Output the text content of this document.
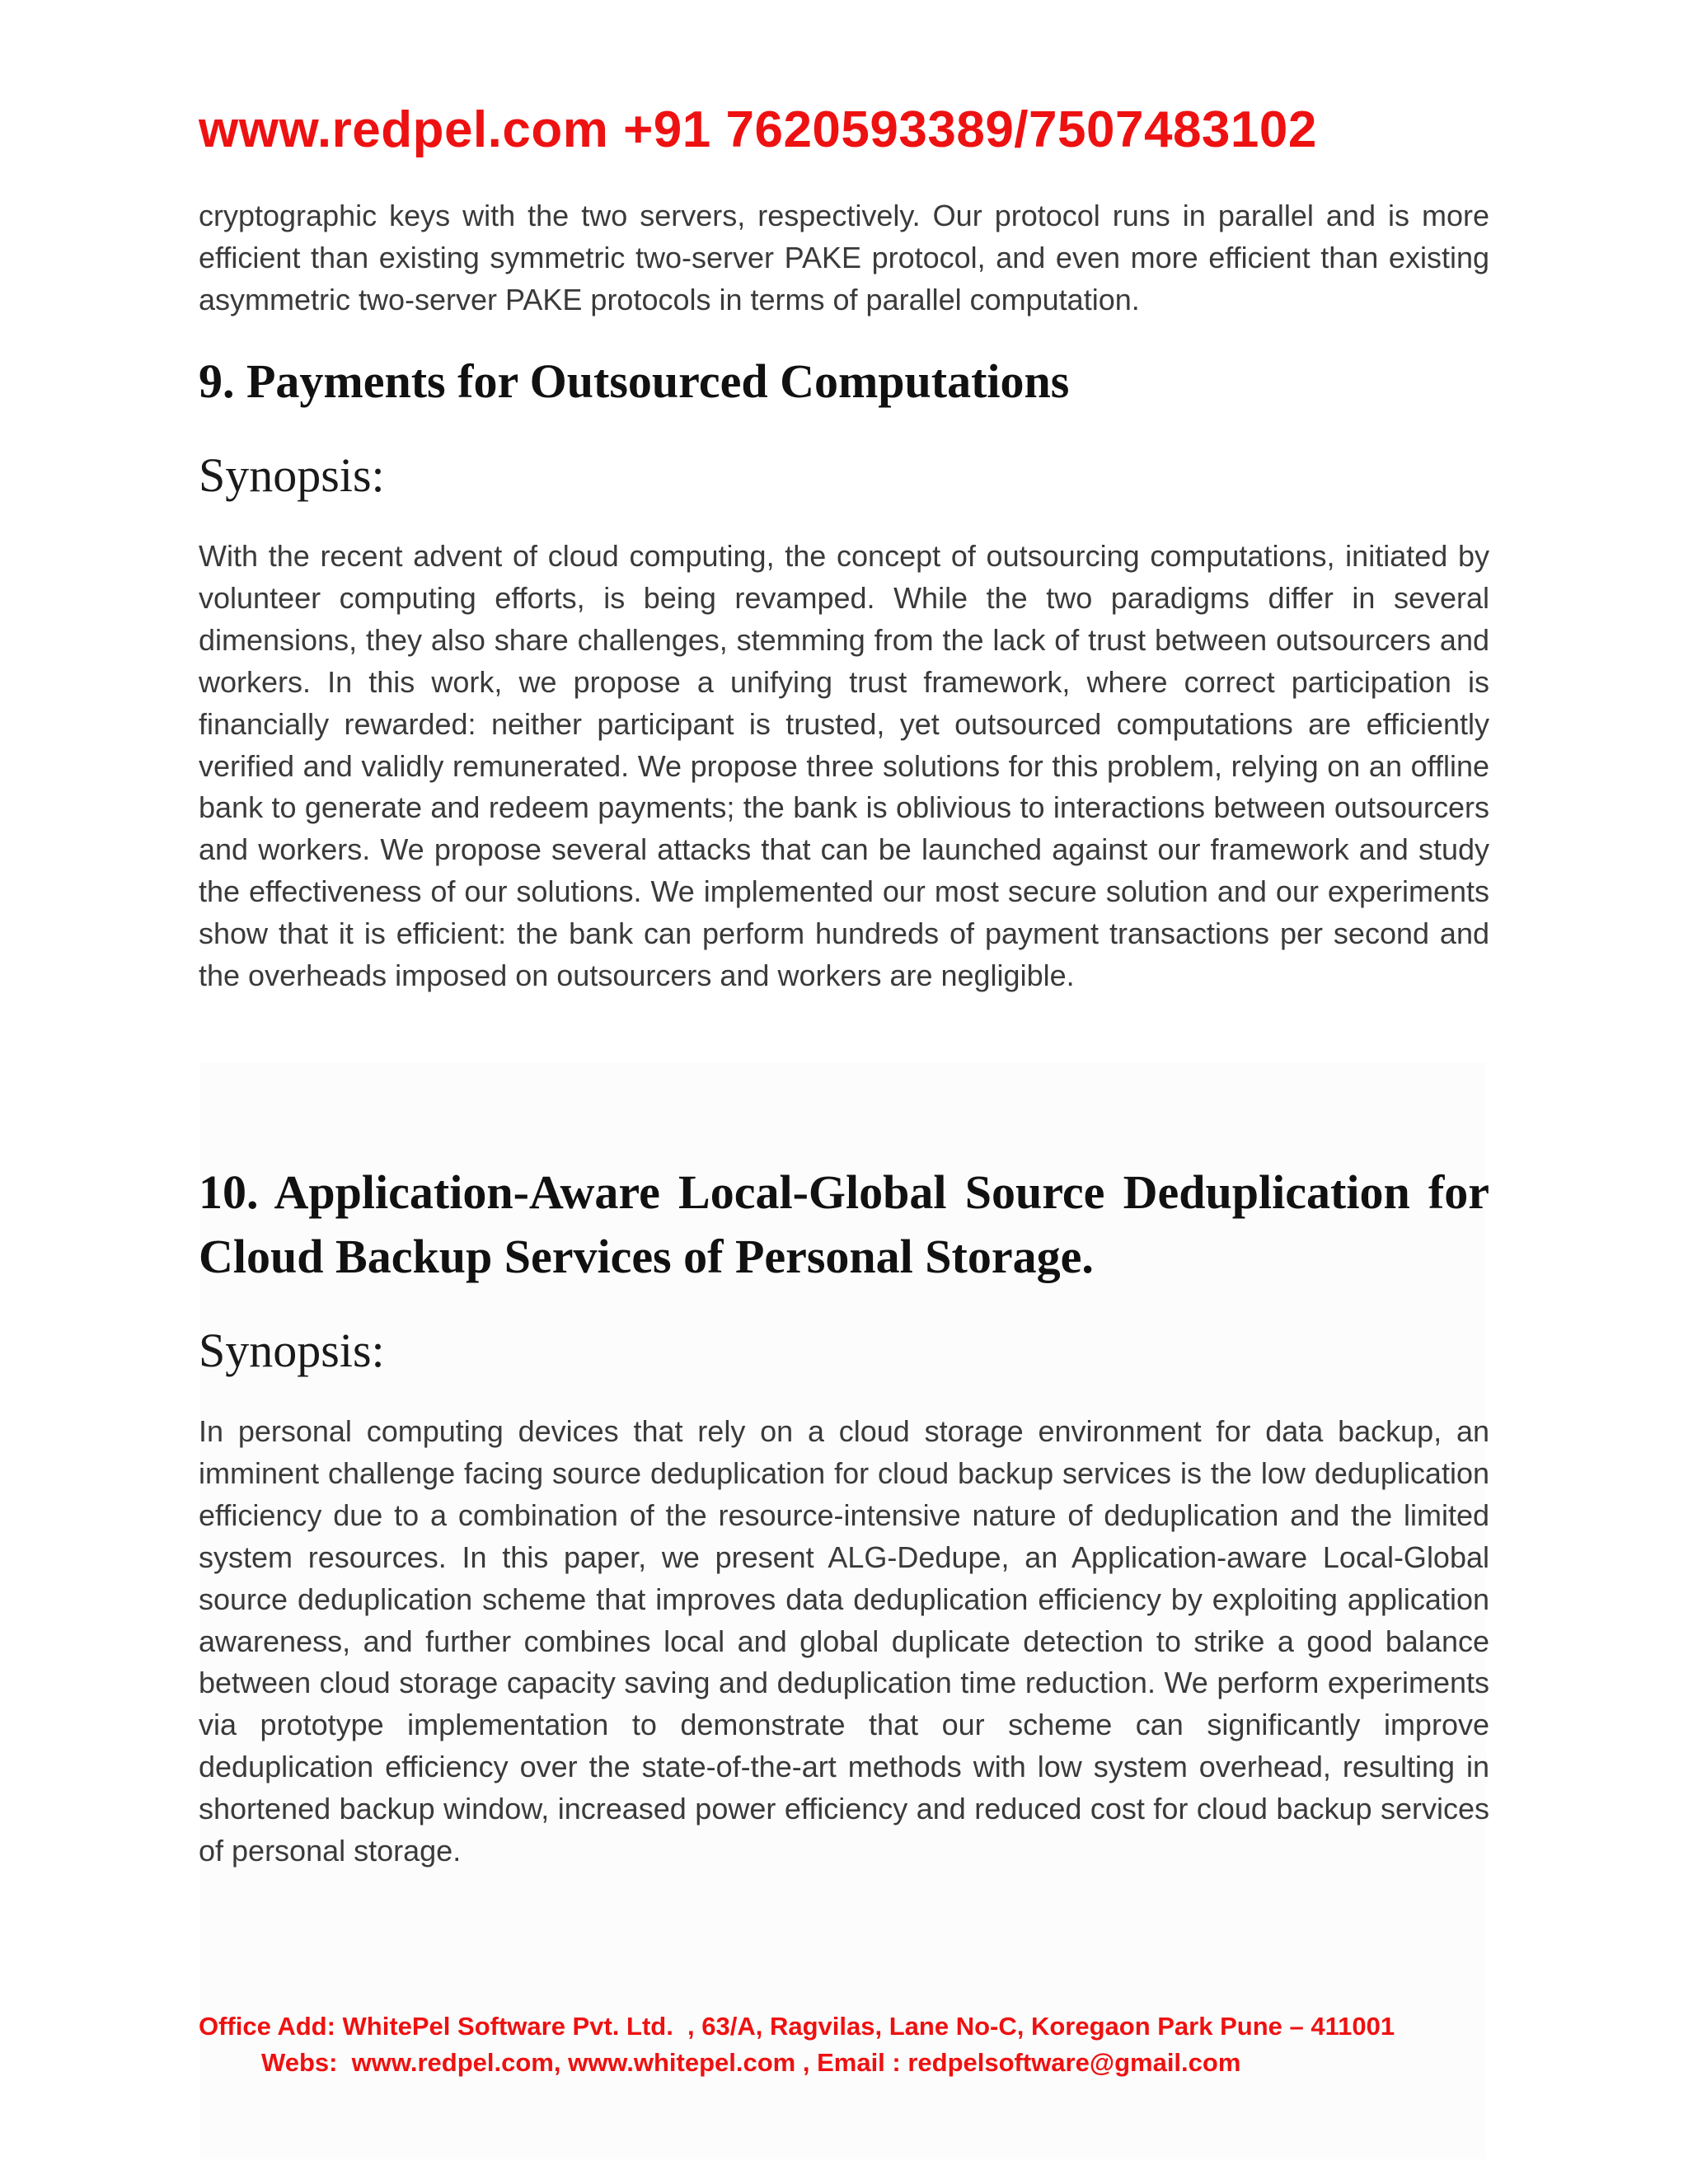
www.redpel.com +91 7620593389/7507483102

cryptographic keys with the two servers, respectively. Our protocol runs in parallel and is more efficient than existing symmetric two-server PAKE protocol, and even more efficient than existing asymmetric two-server PAKE protocols in terms of parallel computation.

9. Payments for Outsourced Computations
Synopsis:

With the recent advent of cloud computing, the concept of outsourcing computations, initiated by volunteer computing efforts, is being revamped. While the two paradigms differ in several dimensions, they also share challenges, stemming from the lack of trust between outsourcers and workers. In this work, we propose a unifying trust framework, where correct participation is financially rewarded: neither participant is trusted, yet outsourced computations are efficiently verified and validly remunerated. We propose three solutions for this problem, relying on an offline bank to generate and redeem payments; the bank is oblivious to interactions between outsourcers and workers. We propose several attacks that can be launched against our framework and study the effectiveness of our solutions. We implemented our most secure solution and our experiments show that it is efficient: the bank can perform hundreds of payment transactions per second and the overheads imposed on outsourcers and workers are negligible.

10. Application-Aware Local-Global Source Deduplication for Cloud Backup Services of Personal Storage.
Synopsis:

In personal computing devices that rely on a cloud storage environment for data backup, an imminent challenge facing source deduplication for cloud backup services is the low deduplication efficiency due to a combination of the resource-intensive nature of deduplication and the limited system resources. In this paper, we present ALG-Dedupe, an Application-aware Local-Global source deduplication scheme that improves data deduplication efficiency by exploiting application awareness, and further combines local and global duplicate detection to strike a good balance between cloud storage capacity saving and deduplication time reduction. We perform experiments via prototype implementation to demonstrate that our scheme can significantly improve deduplication efficiency over the state-of-the-art methods with low system overhead, resulting in shortened backup window, increased power efficiency and reduced cost for cloud backup services of personal storage.

Office Add: WhitePel Software Pvt. Ltd.  , 63/A, Ragvilas, Lane No-C, Koregaon Park Pune – 411001
Webs:  www.redpel.com, www.whitepel.com , Email : redpelsoftware@gmail.com
